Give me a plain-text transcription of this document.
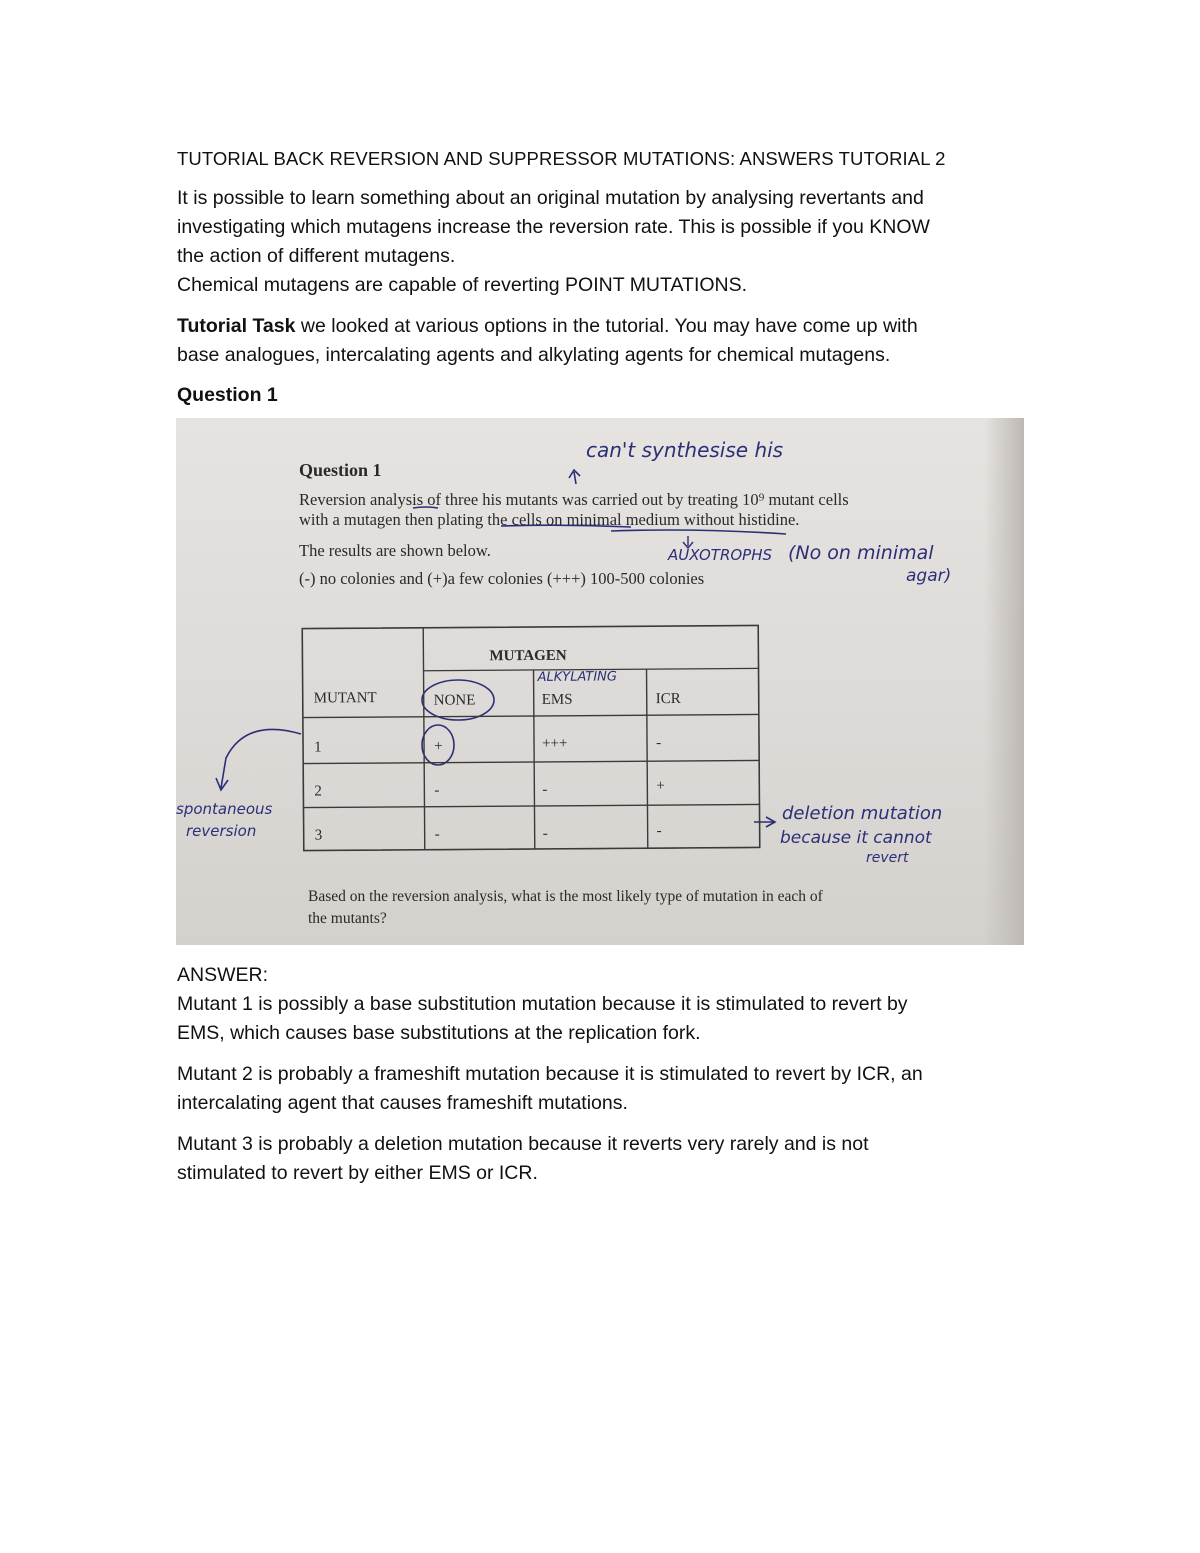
TUTORIAL BACK REVERSION AND SUPPRESSOR MUTATIONS: ANSWERS TUTORIAL 2
It is possible to learn something about an original mutation by analysing revertants and
investigating which mutagens increase the reversion rate. This is possible if you KNOW
the action of different mutagens.
Chemical mutagens are capable of reverting POINT MUTATIONS.
Tutorial Task we looked at various options in the tutorial. You may have come up with
base analogues, intercalating agents and alkylating agents for chemical mutagens.
Question 1
Question 1
Reversion analysis of three his mutants was carried out by treating 10⁹ mutant cells
with a mutagen then plating the cells on minimal medium without histidine.
The results are shown below.
(-) no colonies and (+)a few colonies (+++) 100-500 colonies
can't synthesise his
AUXOTROPHS (No on minimal
agar)
spontaneous
reversion
deletion mutation
because it cannot
revert
MUTAGEN
ALKYLATING
MUTANT	NONE	EMS	ICR
1	+	+++	-
2	-	-	+
3	-	-	-
Based on the reversion analysis, what is the most likely type of mutation in each of
the mutants?

ANSWER:

Mutant 1 is possibly a base substitution mutation because it is stimulated to revert by
EMS, which causes base substitutions at the replication fork.

Mutant 2 is probably a frameshift mutation because it is stimulated to revert by ICR, an
intercalating agent that causes frameshift mutations.

Mutant 3 is probably a deletion mutation because it reverts very rarely and is not
stimulated to revert by either EMS or ICR.
